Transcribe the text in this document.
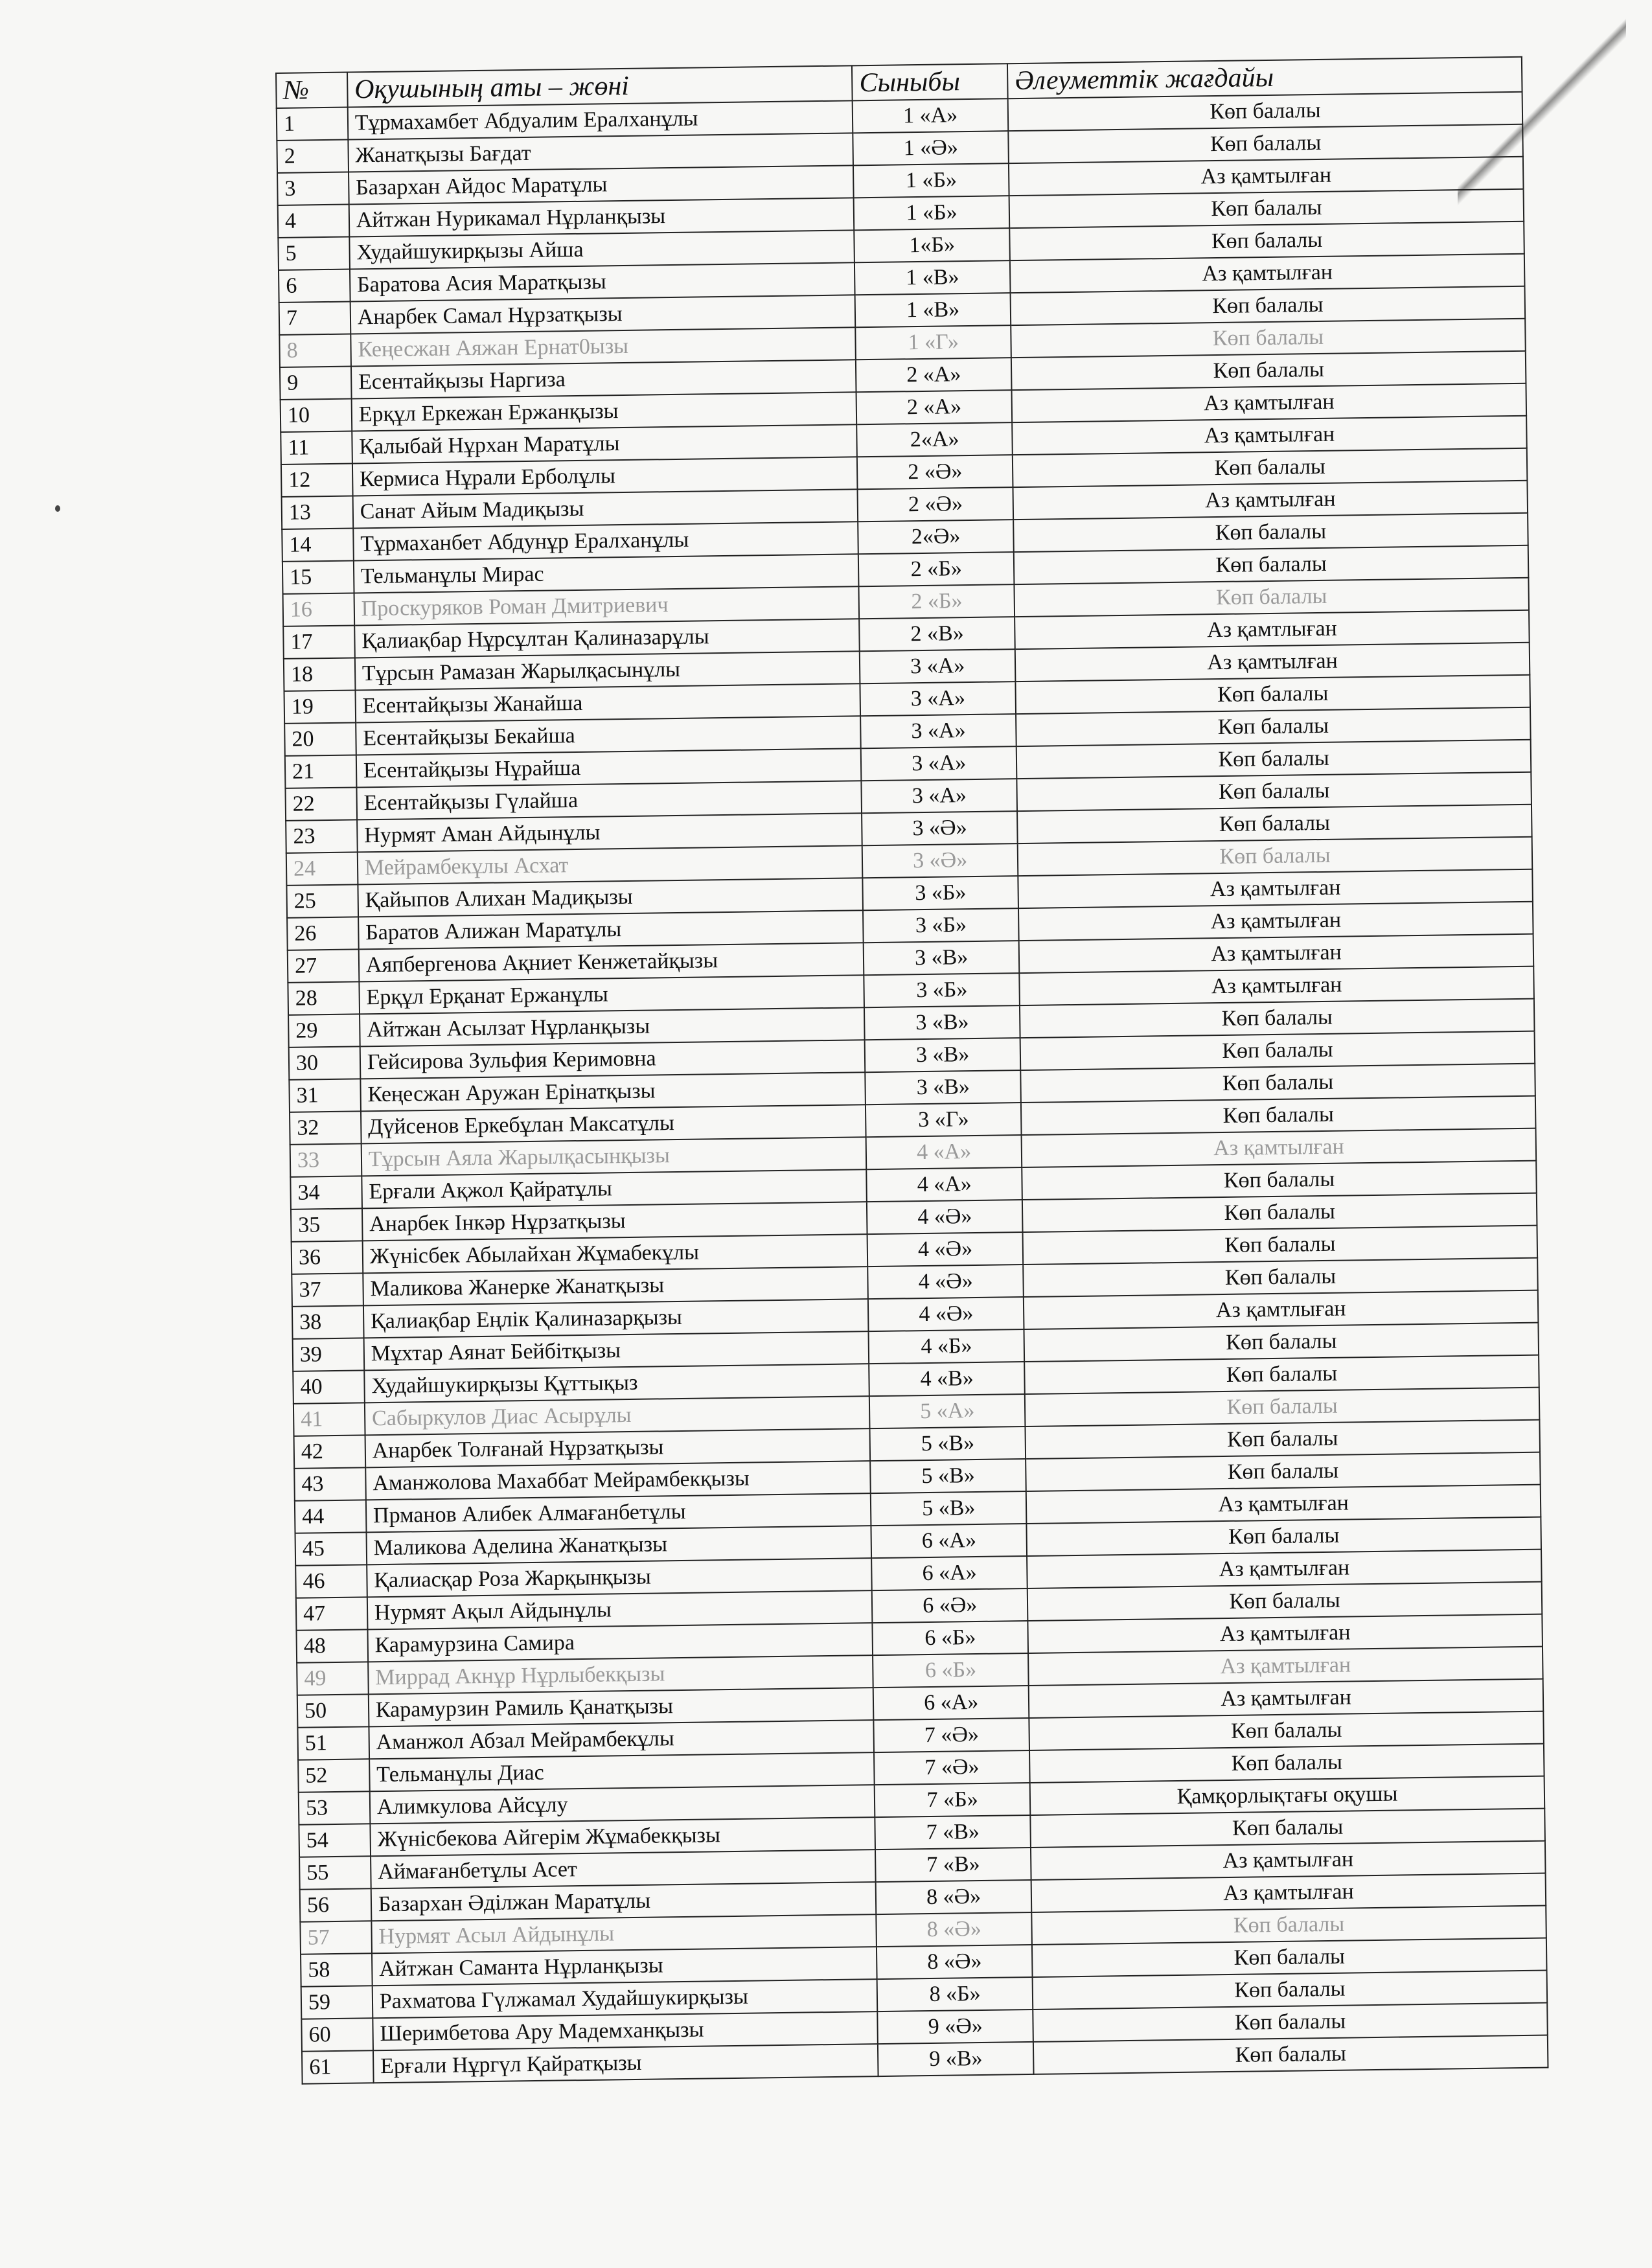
№	Оқушының аты – жөні	Сыныбы	Әлеуметтік жағдайы
1	Тұрмахамбет Абдуалим Ералханұлы	1 «А»	Көп балалы
2	Жанатқызы Бағдат	1 «Ә»	Көп балалы
3	Базархан Айдос Маратұлы	1 «Б»	Аз қамтылған
4	Айтжан Нурикамал Нұрланқызы	1 «Б»	Көп балалы
5	Худайшукирқызы Айша	1«Б»	Көп балалы
6	Баратова Асия Маратқызы	1 «В»	Аз қамтылған
7	Анарбек Самал Нұрзатқызы	1 «В»	Көп балалы
8	Кеңесжан Аяжан Ернат0ызы	1 «Г»	Көп балалы
9	Есентайқызы Наргиза	2 «А»	Көп балалы
10	Ерқұл Еркежан Ержанқызы	2 «А»	Аз қамтылған
11	Қалыбай Нұрхан Маратұлы	2«А»	Аз қамтылған
12	Кермиса Нұрали Ерболұлы	2 «Ә»	Көп балалы
13	Санат Айым Мадиқызы	2 «Ә»	Аз қамтылған
14	Тұрмаханбет Абдунұр Ералханұлы	2«Ә»	Көп балалы
15	Тельманұлы Мирас	2 «Б»	Көп балалы
16	Проскуряков Роман Дмитриевич	2 «Б»	Көп балалы
17	Қалиақбар Нұрсұлтан Қалиназарұлы	2 «В»	Аз қамтлыған
18	Тұрсын Рамазан Жарылқасынұлы	3 «А»	Аз қамтылған
19	Есентайқызы Жанайша	3 «А»	Көп балалы
20	Есентайқызы Бекайша	3 «А»	Көп балалы
21	Есентайқызы Нұрайша	3 «А»	Көп балалы
22	Есентайқызы Гүлайша	3 «А»	Көп балалы
23	Нурмят Аман Айдынұлы	3 «Ә»	Көп балалы
24	Мейрамбекұлы Асхат	3 «Ә»	Көп балалы
25	Қайыпов Алихан Мадиқызы	3 «Б»	Аз қамтылған
26	Баратов Алижан Маратұлы	3 «Б»	Аз қамтылған
27	Аяпбергенова Ақниет Кенжетайқызы	3 «В»	Аз қамтылған
28	Ерқұл Ерқанат Ержанұлы	3 «Б»	Аз қамтылған
29	Айтжан Асылзат Нұрланқызы	3 «В»	Көп балалы
30	Гейсирова Зульфия Керимовна	3 «В»	Көп балалы
31	Кеңесжан Аружан Ерінатқызы	3 «В»	Көп балалы
32	Дүйсенов Еркебұлан Максатұлы	3 «Г»	Көп балалы
33	Тұрсын Аяла Жарылқасынқызы	4 «А»	Аз қамтылған
34	Ерғали Ақжол Қайратұлы	4 «А»	Көп балалы
35	Анарбек Інкәр Нұрзатқызы	4 «Ә»	Көп балалы
36	Жүнісбек Абылайхан Жұмабекұлы	4 «Ә»	Көп балалы
37	Маликова Жанерке Жанатқызы	4 «Ә»	Көп балалы
38	Қалиақбар Еңлік Қалиназарқызы	4 «Ә»	Аз қамтлыған
39	Мұхтар Аянат Бейбітқызы	4 «Б»	Көп балалы
40	Худайшукирқызы Құттықыз	4 «В»	Көп балалы
41	Сабыркулов Диас Асырұлы	5 «А»	Көп балалы
42	Анарбек Толғанай Нұрзатқызы	5 «В»	Көп балалы
43	Аманжолова Махаббат Мейрамбекқызы	5 «В»	Көп балалы
44	Прманов Алибек Алмағанбетұлы	5 «В»	Аз қамтылған
45	Маликова Аделина Жанатқызы	6 «А»	Көп балалы
46	Қалиасқар Роза Жарқынқызы	6 «А»	Аз қамтылған
47	Нурмят Ақыл Айдынұлы	6 «Ә»	Көп балалы
48	Карамурзина Самира	6 «Б»	Аз қамтылған
49	Миррад Акнұр Нұрлыбекқызы	6 «Б»	Аз қамтылған
50	Карамурзин Рамиль Қанатқызы	6 «А»	Аз қамтылған
51	Аманжол Абзал Мейрамбекұлы	7 «Ә»	Көп балалы
52	Тельманұлы Диас	7 «Ә»	Көп балалы
53	Алимкулова Айсұлу	7 «Б»	Қамқорлықтағы оқушы
54	Жүнісбекова Айгерім Жұмабекқызы	7 «В»	Көп балалы
55	Аймағанбетұлы Асет	7 «В»	Аз қамтылған
56	Базархан Әділжан Маратұлы	8 «Ә»	Аз қамтылған
57	Нурмят Асыл Айдынұлы	8 «Ә»	Көп балалы
58	Айтжан Саманта Нұрланқызы	8 «Ә»	Көп балалы
59	Рахматова Гүлжамал Худайшукирқызы	8 «Б»	Көп балалы
60	Шеримбетова Ару Мадемханқызы	9 «Ә»	Көп балалы
61	Ерғали Нұргүл Қайратқызы	9 «В»	Көп балалы
